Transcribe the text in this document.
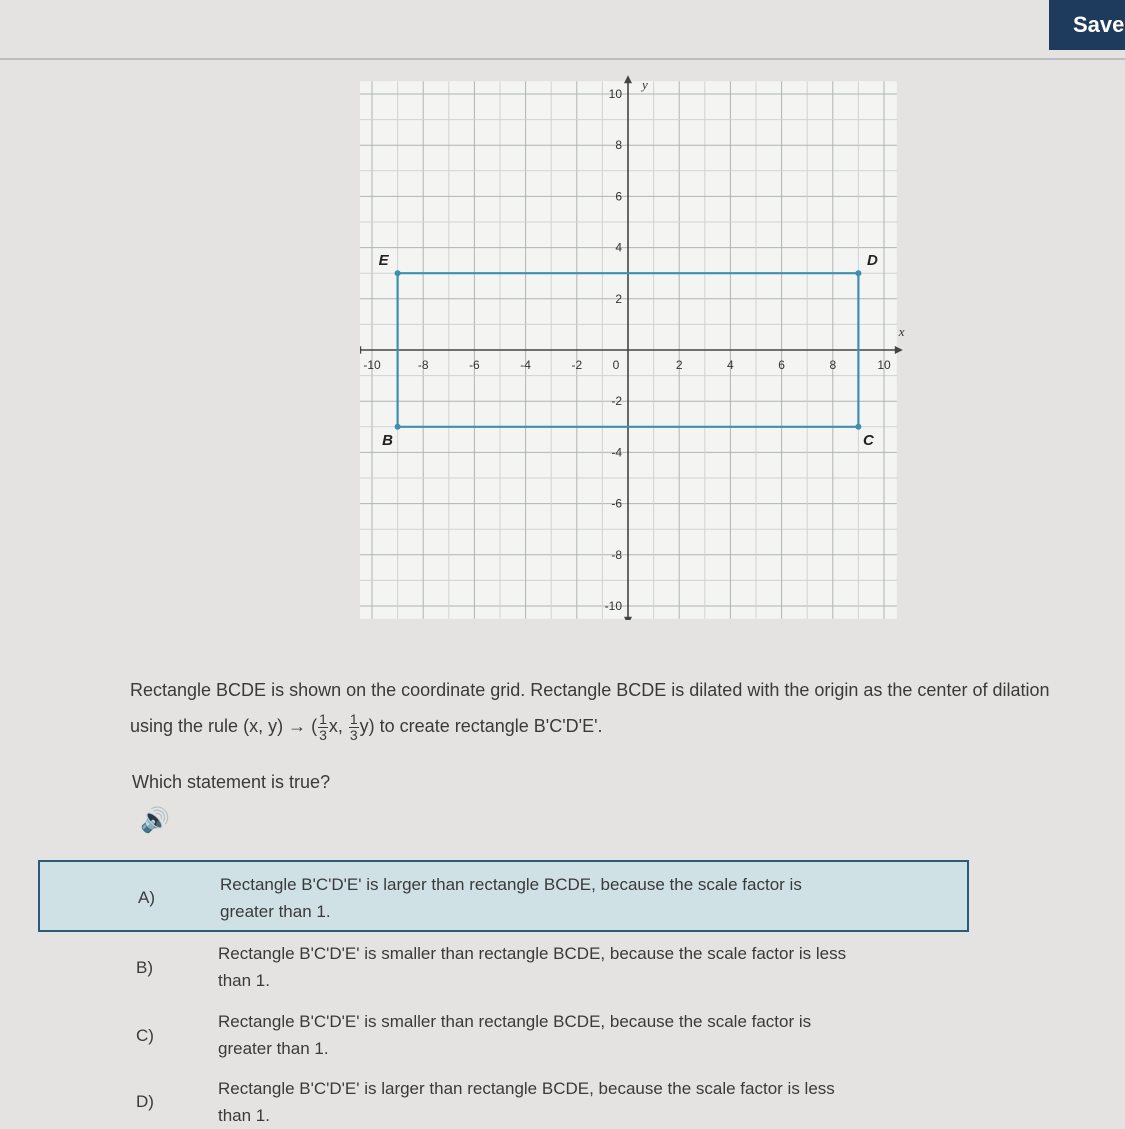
Save
x
y
-10	-8	-6	-4	-2	0	2	4	6	8	10
10
8
6
4
2
-2
-4
-6
-8
-10
B	C
D
E
Rectangle BCDE is shown on the coordinate grid. Rectangle BCDE is dilated with the origin as the center of dilation
using the rule (x, y) → ( $\frac{1}{3} x$, $\frac{1}{3} y$) to create rectangle B'C'D'E'.
Which statement is true?
🔊
A)
Rectangle B'C'D'E' is larger than rectangle BCDE, because the scale factor is greater than 1.
B)
Rectangle B'C'D'E' is smaller than rectangle BCDE, because the scale factor is less than 1.
C)
Rectangle B'C'D'E' is smaller than rectangle BCDE, because the scale factor is greater than 1.
D)
Rectangle B'C'D'E' is larger than rectangle BCDE, because the scale factor is less than 1.
